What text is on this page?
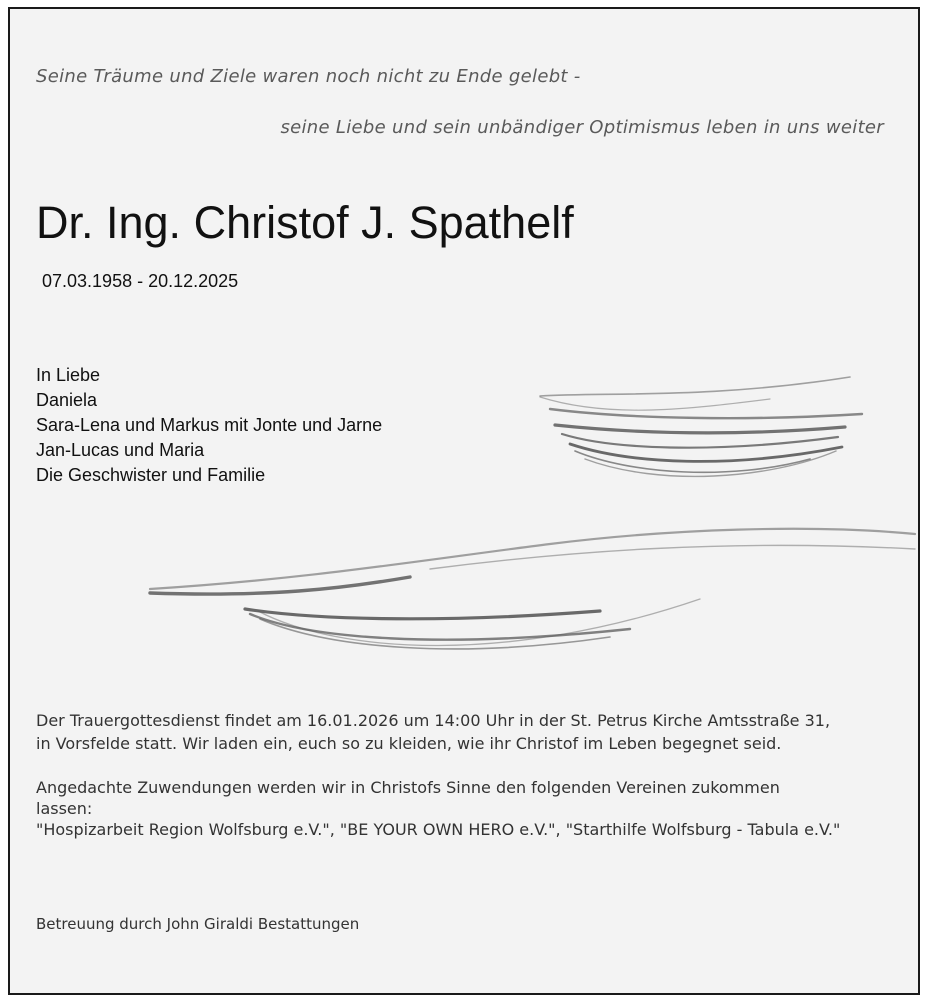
Seine Träume und Ziele waren noch nicht zu Ende gelebt -
seine Liebe und sein unbändiger Optimismus leben in uns weiter
Dr. Ing. Christof J. Spathelf
07.03.1958 - 20.12.2025
In Liebe
Daniela
Sara-Lena und Markus mit Jonte und Jarne
Jan-Lucas und Maria
Die Geschwister und Familie
Der Trauergottesdienst findet am 16.01.2026 um 14:00 Uhr in der St. Petrus Kirche Amtsstraße 31,
in Vorsfelde statt. Wir laden ein, euch so zu kleiden, wie ihr Christof im Leben begegnet seid.
Angedachte Zuwendungen werden wir in Christofs Sinne den folgenden Vereinen zukommen
lassen:
"Hospizarbeit Region Wolfsburg e.V.", "BE YOUR OWN HERO e.V.", "Starthilfe Wolfsburg - Tabula e.V."
Betreuung durch John Giraldi Bestattungen
